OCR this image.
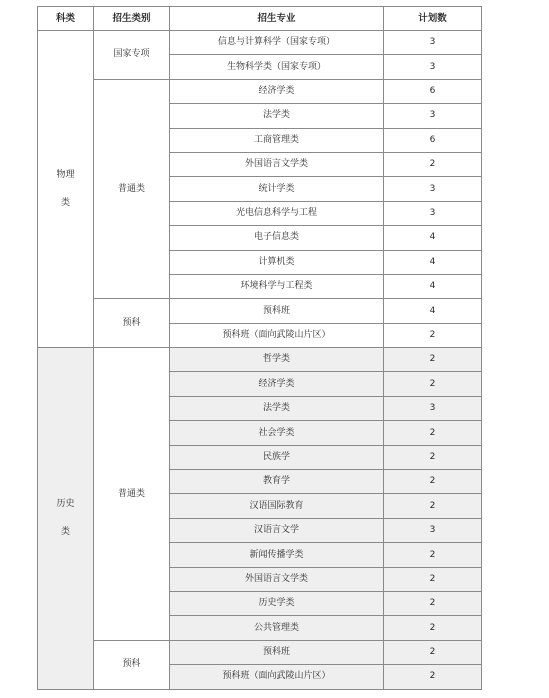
科类	招生类别	招生专业	计划数
物理类	国家专项	信息与计算科学（国家专项）	3
		生物科学类（国家专项）	3
	普通类	经济学类	6
		法学类	3
		工商管理类	6
		外国语言文学类	2
		统计学类	3
		光电信息科学与工程	3
		电子信息类	4
		计算机类	4
		环境科学与工程类	4
	预科	预科班	4
		预科班（面向武陵山片区）	2
历史类	普通类	哲学类	2
		经济学类	2
		法学类	3
		社会学类	2
		民族学	2
		教育学	2
		汉语国际教育	2
		汉语言文学	3
		新闻传播学类	2
		外国语言文学类	2
		历史学类	2
		公共管理类	2
	预科	预科班	2
		预科班（面向武陵山片区）	2
